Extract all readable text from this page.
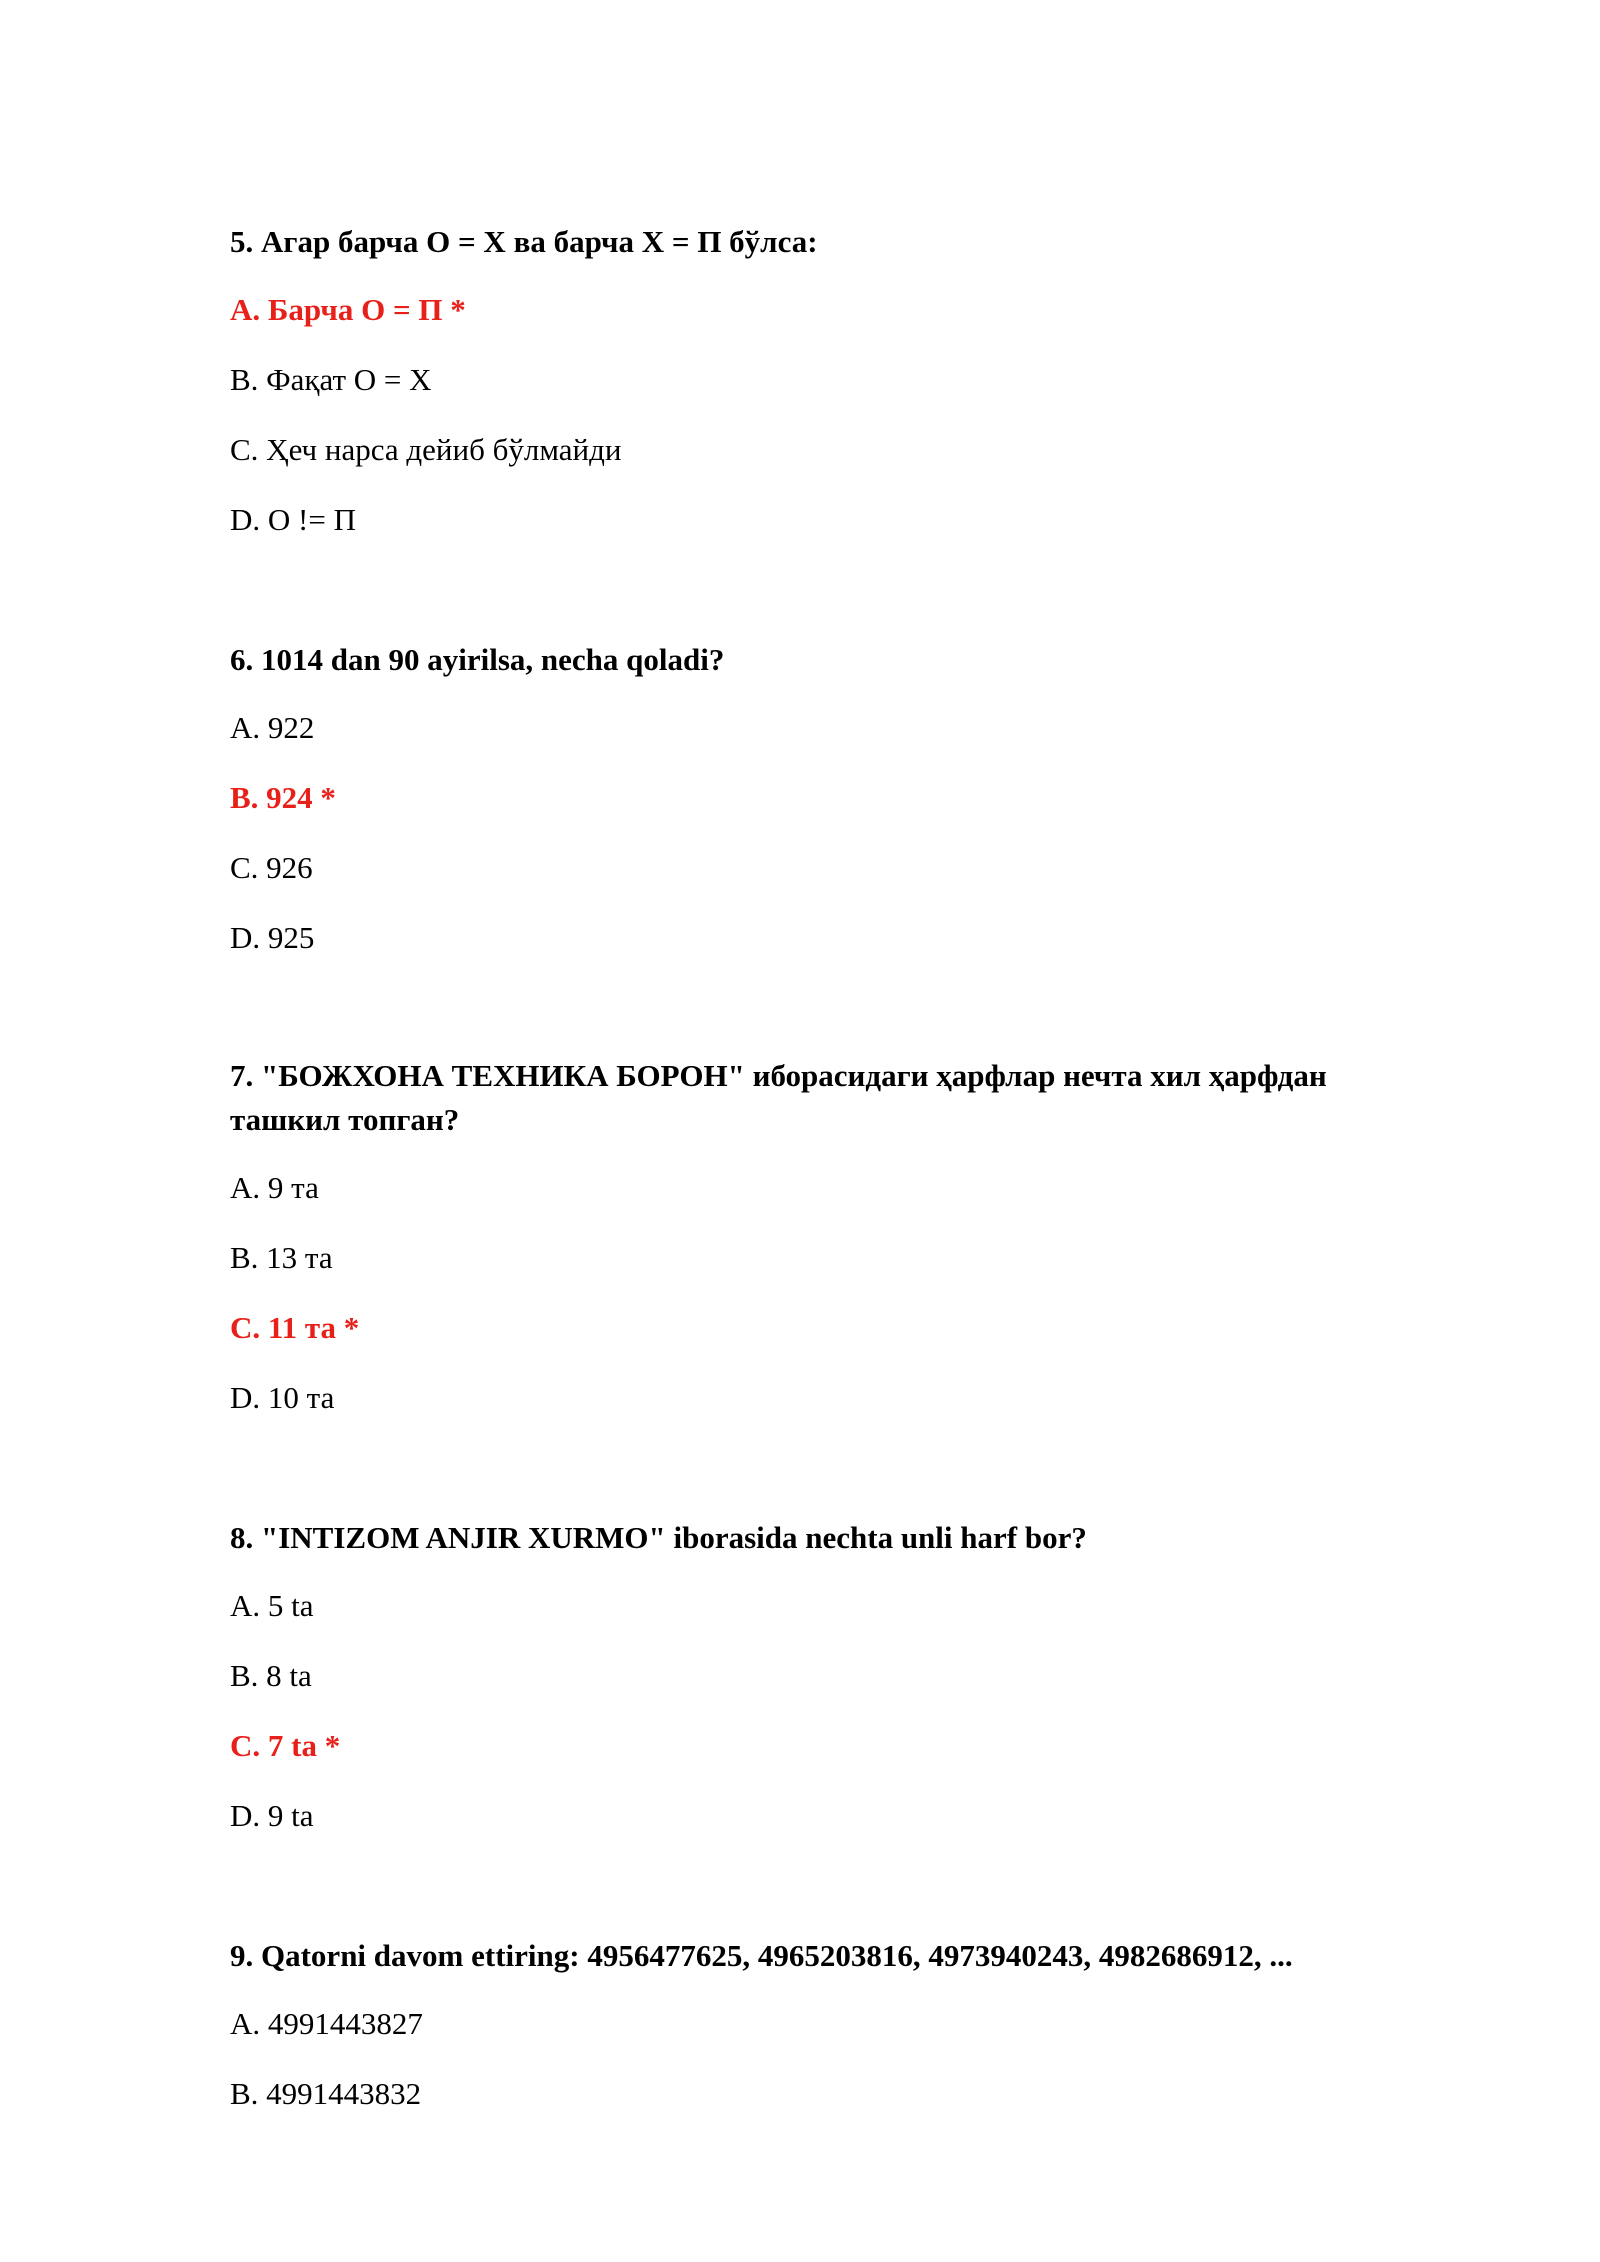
5. Агар барча О = Х ва барча Х = П бўлса:

A. Барча О = П *
B. Фақат О = Х
C. Ҳеч нарса дейиб бўлмайди
D. О != П

6. 1014 dan 90 ayirilsa, necha qoladi?

A. 922
B. 924 *
C. 926
D. 925

7. "БОЖХОНА ТЕХНИКА БОРОН" иборасидаги ҳарфлар нечта хил ҳарфдан ташкил топган?

A. 9 та
B. 13 та
C. 11 та *
D. 10 та

8. "INTIZOM ANJIR XURMO" iborasida nechta unli harf bor?

A. 5 ta
B. 8 ta
C. 7 ta *
D. 9 ta

9. Qatorni davom ettiring: 4956477625, 4965203816, 4973940243, 4982686912, ...

A. 4991443827
B. 4991443832
